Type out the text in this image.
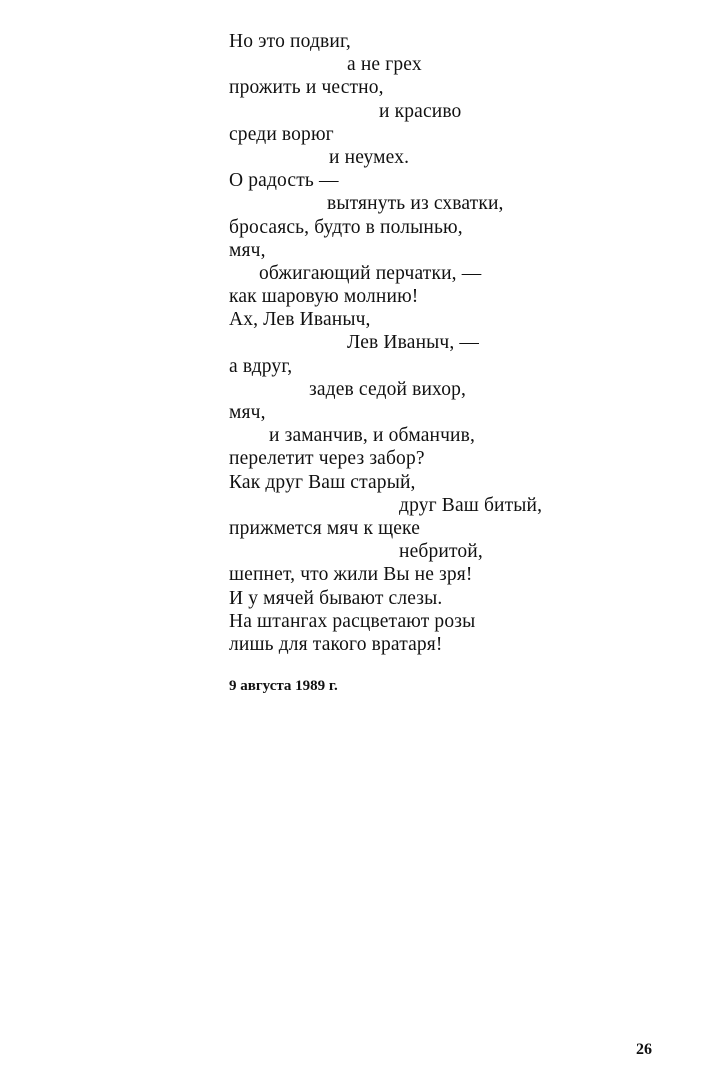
Но это подвиг,
а не грех
прожить и честно,
и красиво
среди ворюг
и неумех.
О радость —
вытянуть из схватки,
бросаясь, будто в полынью,
мяч,
обжигающий перчатки, —
как шаровую молнию!
Ах, Лев Иваныч,
Лев Иваныч, —
а вдруг,
задев седой вихор,
мяч,
и заманчив, и обманчив,
перелетит через забор?
Как друг Ваш старый,
друг Ваш битый,
прижмется мяч к щеке
небритой,
шепнет, что жили Вы не зря!
И у мячей бывают слезы.
На штангах расцветают розы
лишь для такого вратаря!
9 августа 1989 г.
26
